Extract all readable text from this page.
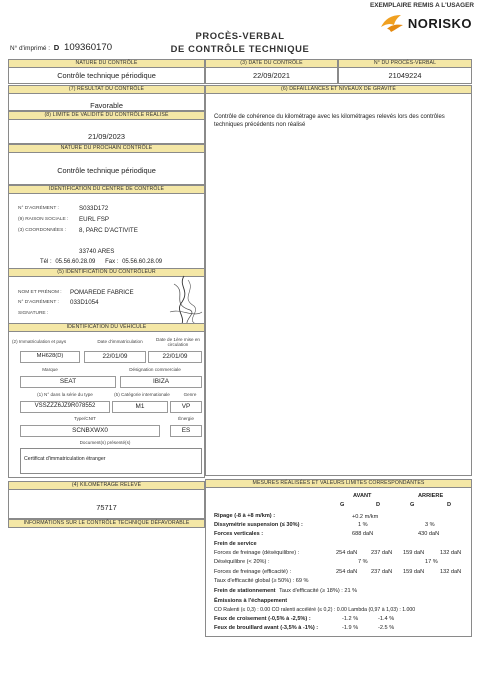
EXEMPLAIRE REMIS A L'USAGER
NORISKO
PROCÈS-VERBAL
DE CONTRÔLE TECHNIQUE
N° d'imprimé : D 109360170
NATURE DU CONTRÔLE
Contrôle technique périodique
(3) DATE DU CONTRÔLE
22/09/2021
N° DU PROCÈS-VERBAL
21049224
(7) RÉSULTAT DU CONTRÔLE
Favorable
(8) LIMITE DE VALIDITÉ DU CONTRÔLE RÉALISÉ
21/09/2023
NATURE DU PROCHAIN CONTRÔLE
Contrôle technique périodique
(6) DÉFAILLANCES ET NIVEAUX DE GRAVITÉ
Contrôle de cohérence du kilométrage avec les kilométrages relevés lors des contrôles techniques précédents non réalisé
IDENTIFICATION DU CENTRE DE CONTRÔLE
N° D'AGRÉMENT :	S033D172
(9) RAISON SOCIALE : EURL FSP
(3) COORDONNÉES : 8, PARC D'ACTIVITE
33740 ARES
Tél : 05.56.60.28.09 Fax : 05.56.60.28.09
(5) IDENTIFICATION DU CONTRÔLEUR
NOM ET PRÉNOM : POMAREDE FABRICE
N° D'AGRÉMENT : 033D1054
SIGNATURE :
IDENTIFICATION DU VÉHICULE
(2) Immatriculation et pays	Date d'immatriculation	Date de 1ère mise en circulation
MH628(D)	22/01/09	22/01/09
Marque	Désignation commerciale
SEAT	IBIZA
(1) N° dans la série du type	(5) Catégorie internationale	Genre
VSSZZZ6JZ9R078552	M1	VP
Type/CNIT	Énergie
SCNBXWX0	ES
Document(s) présenté(s)
Certificat d'immatriculation étranger
(4) KILOMÉTRAGE RELEVÉ
75717
INFORMATIONS SUR LE CONTRÔLE TECHNIQUE DÉFAVORABLE
MESURES RÉALISÉES ET VALEURS LIMITES CORRESPONDANTES
AVANT	ARRIERE
G	D	G	D
Ripage (-8 à +8 m/km) :	+0.2 m/km
Dissymétrie suspension (≤ 30%) :	1 %	3 %
Forces verticales :	688 daN	430 daN
Frein de service
Forces de freinage (déséquilibre) :	254 daN 237 daN 159 daN	132 daN
Déséquilibre (< 20%) :	7 %	17 %
Forces de freinage (efficacité) :	254 daN 237 daN 159 daN	132 daN
Taux d'efficacité global (≥ 50%) : 69 %
Frein de stationnement Taux d'efficacité (≥ 18%) : 21 %
Émissions à l'échappement
CO Ralenti (≤ 0,3) : 0.00 CO ralenti accéléré (≤ 0,2) : 0.00 Lambda (0,97 à 1,03) : 1.000
Feux de croisement (-0,5% à -2,5%) :	-1.2 %	-1.4 %
Feux de brouillard avant (-3,5% à -1%) :	-1.9 %	-2.5 %
